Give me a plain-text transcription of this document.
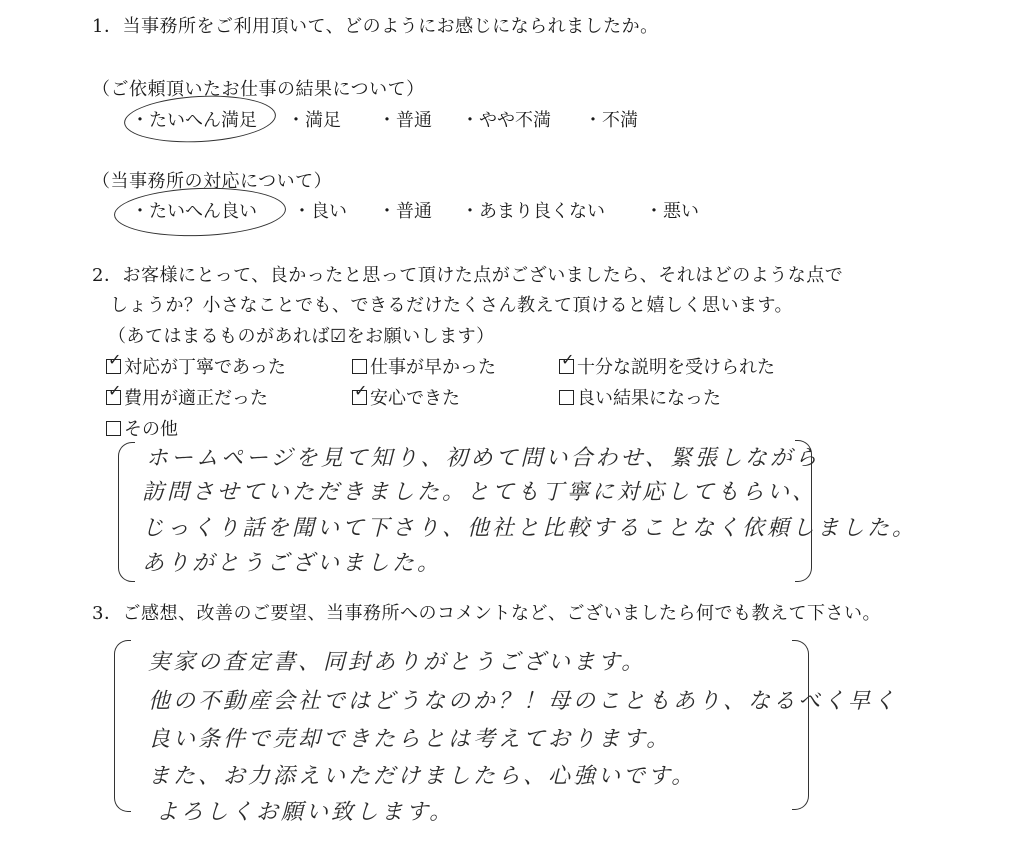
1．当事務所をご利用頂いて、どのようにお感じになられましたか。
（ご依頼頂いたお仕事の結果について）
・たいへん満足 ・満足 ・普通 ・やや不満 ・不満
（当事務所の対応について）
・たいへん良い ・良い ・普通 ・あまり良くない ・悪い
2．お客様にとって、良かったと思って頂けた点がございましたら、それはどのような点で
しょうか？小さなことでも、できるだけたくさん教えて頂けると嬉しく思います。
（あてはまるものがあれば☑をお願いします）
✓ 対応が丁寧であった	仕事が早かった	✓ 十分な説明を受けられた
✓ 費用が適正だった	✓ 安心できた	良い結果になった
その他
ホームページを見て知り、初めて問い合わせ、緊張しながら
訪問させていただきました。とても丁寧に対応してもらい、
じっくり話を聞いて下さり、他社と比較することなく依頼しました。
ありがとうございました。
3．ご感想、改善のご要望、当事務所へのコメントなど、ございましたら何でも教えて下さい。
実家の査定書、同封ありがとうございます。
他の不動産会社ではどうなのか？！母のこともあり、なるべく早く
良い条件で売却できたらとは考えております。
また、お力添えいただけましたら、心強いです。
よろしくお願い致します。
